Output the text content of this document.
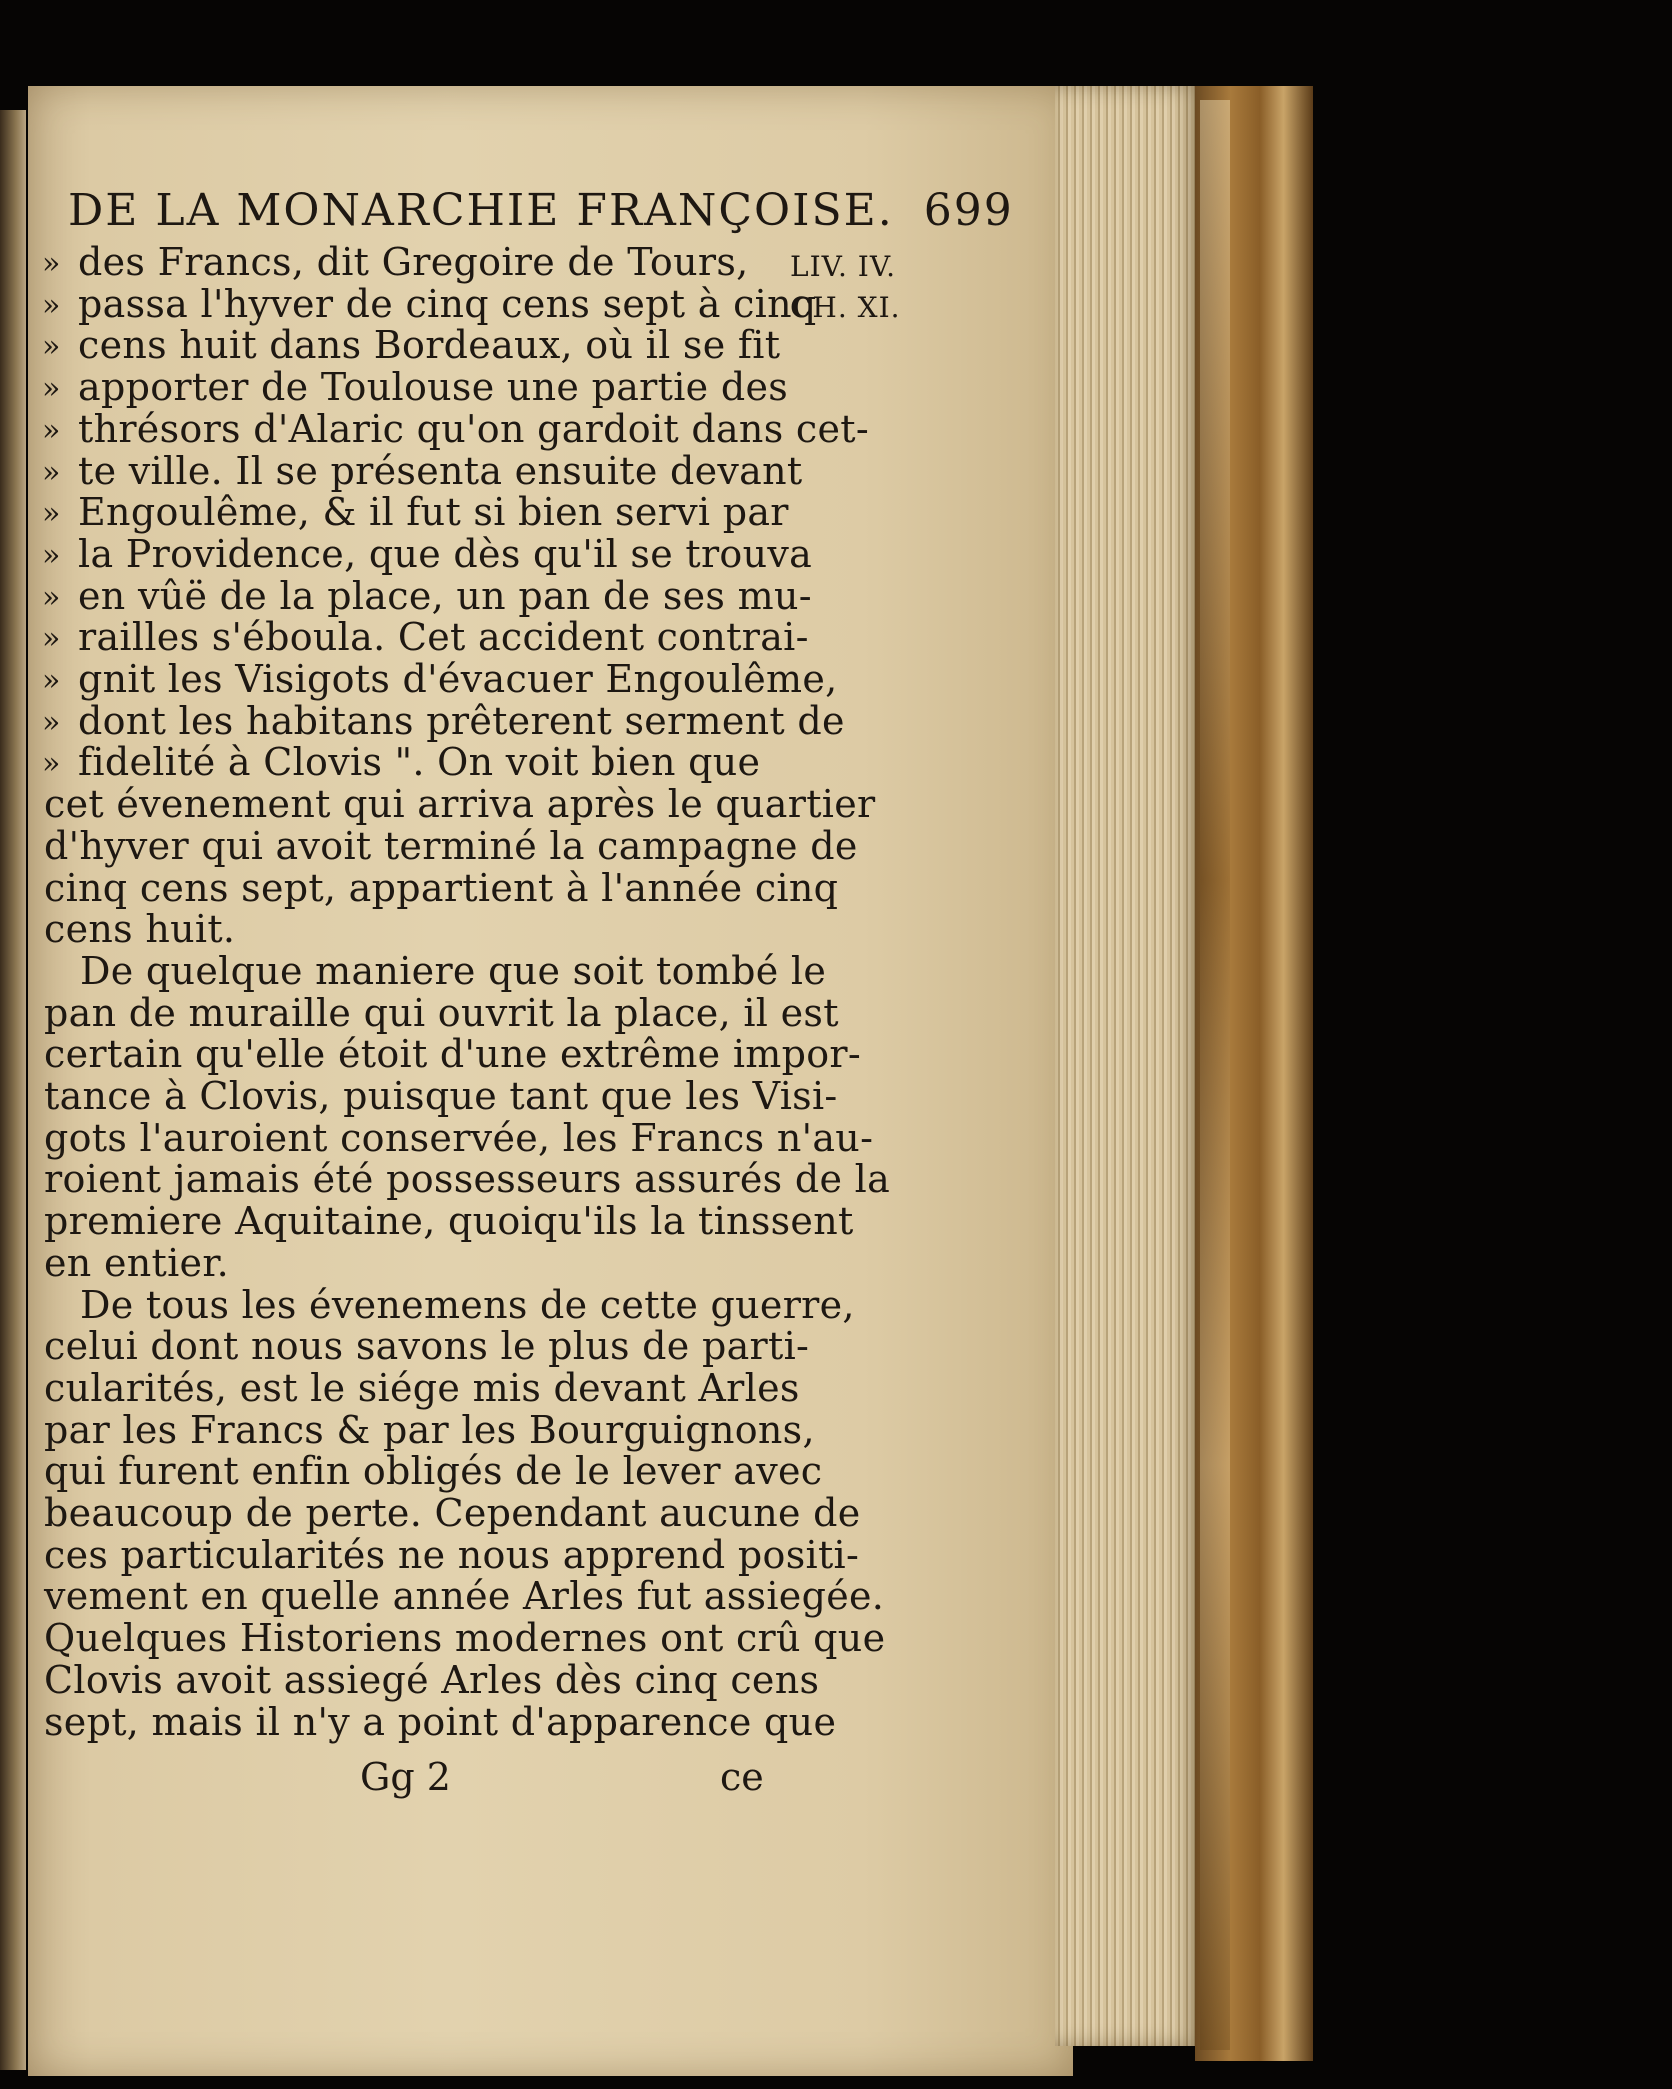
DE LA MONARCHIE FRANÇOISE. 699
LIV. IV.
CH. XI.
» des Francs, dit Gregoire de Tours,
» passa l'hyver de cinq cens sept à cinq
» cens huit dans Bordeaux, où il se fit
» apporter de Toulouse une partie des
» thrésors d'Alaric qu'on gardoit dans cet-
» te ville. Il se présenta ensuite devant
» Engoulême, & il fut si bien servi par
» la Providence, que dès qu'il se trouva
» en vûë de la place, un pan de ses mu-
» railles s'éboula. Cet accident contrai-
» gnit les Visigots d'évacuer Engoulême,
» dont les habitans prêterent serment de
» fidelité à Clovis ". On voit bien que
cet évenement qui arriva après le quartier
d'hyver qui avoit terminé la campagne de
cinq cens sept, appartient à l'année cinq
cens huit.
De quelque maniere que soit tombé le
pan de muraille qui ouvrit la place, il est
certain qu'elle étoit d'une extrême impor-
tance à Clovis, puisque tant que les Visi-
gots l'auroient conservée, les Francs n'au-
roient jamais été possesseurs assurés de la
premiere Aquitaine, quoiqu'ils la tinssent
en entier.
De tous les évenemens de cette guerre,
celui dont nous savons le plus de parti-
cularités, est le siége mis devant Arles
par les Francs & par les Bourguignons,
qui furent enfin obligés de le lever avec
beaucoup de perte. Cependant aucune de
ces particularités ne nous apprend positi-
vement en quelle année Arles fut assiegée.
Quelques Historiens modernes ont crû que
Clovis avoit assiegé Arles dès cinq cens
sept, mais il n'y a point d'apparence que
Gg 2	ce
